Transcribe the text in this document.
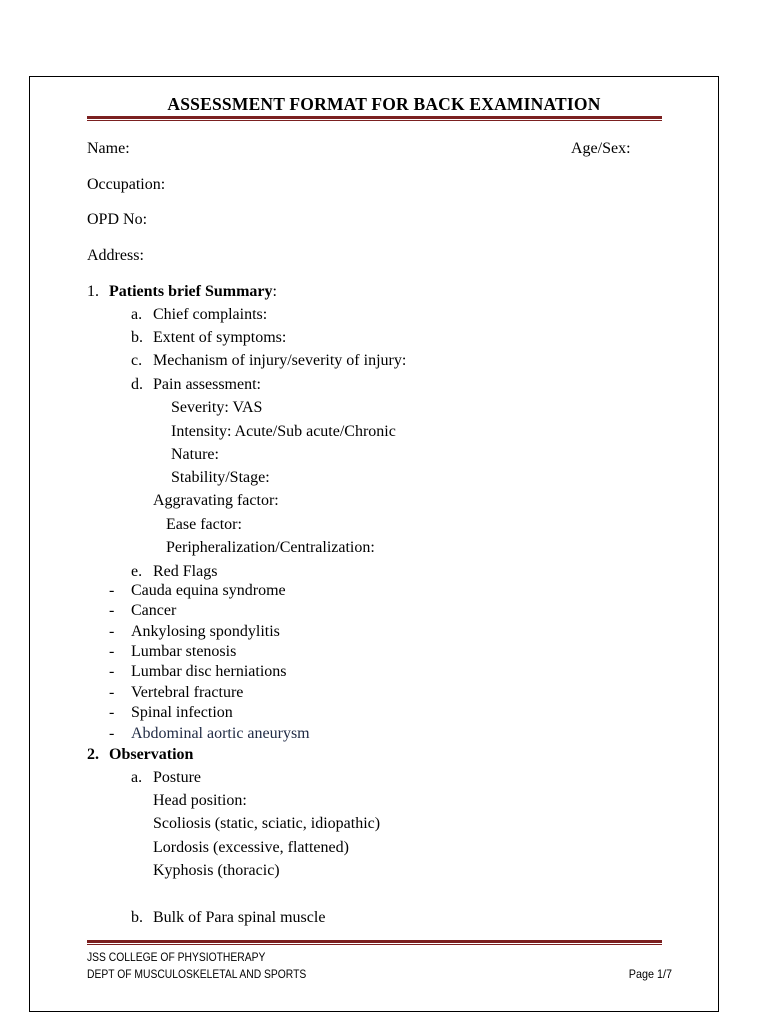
ASSESSMENT FORMAT FOR BACK EXAMINATION
Name:	Age/Sex:
Occupation:
OPD No:
Address:
1. Patients brief Summary:
a. Chief complaints:
b. Extent of symptoms:
c. Mechanism of injury/severity of injury:
d. Pain assessment:
Severity: VAS
Intensity: Acute/Sub acute/Chronic
Nature:
Stability/Stage:
Aggravating factor:
Ease factor:
Peripheralization/Centralization:
e. Red Flags
- Cauda equina syndrome
- Cancer
- Ankylosing spondylitis
- Lumbar stenosis
- Lumbar disc herniations
- Vertebral fracture
- Spinal infection
- Abdominal aortic aneurysm
2. Observation
a. Posture
Head position:
Scoliosis (static, sciatic, idiopathic)
Lordosis (excessive, flattened)
Kyphosis (thoracic)
b. Bulk of Para spinal muscle
JSS COLLEGE OF PHYSIOTHERAPY
DEPT OF MUSCULOSKELETAL AND SPORTS	Page 1/7
